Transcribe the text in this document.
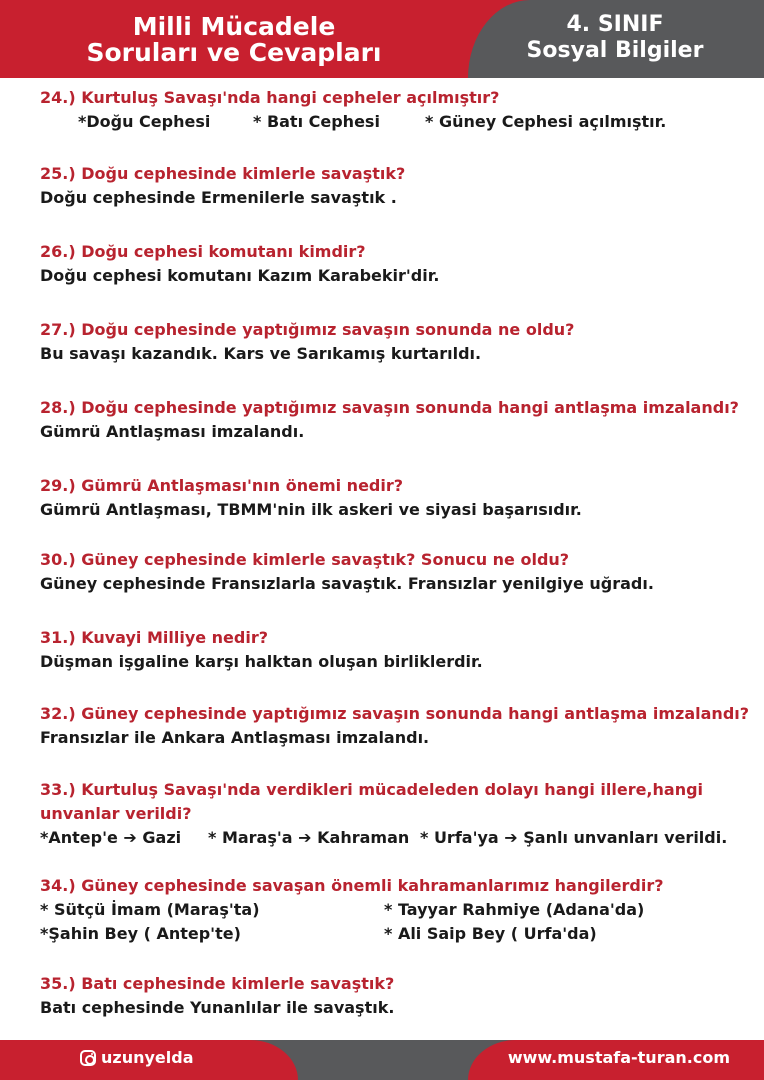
Milli Mücadele
Soruları ve Cevapları
4. SINIF
Sosyal Bilgiler
24.) Kurtuluş Savaşı'nda hangi cepheler açılmıştır?
*Doğu Cephesi	* Batı Cephesi	* Güney Cephesi açılmıştır.
25.) Doğu cephesinde kimlerle savaştık?
Doğu cephesinde Ermenilerle savaştık .
26.) Doğu cephesi komutanı kimdir?
Doğu cephesi komutanı Kazım Karabekir'dir.
27.) Doğu cephesinde yaptığımız savaşın sonunda ne oldu?
Bu savaşı kazandık. Kars ve Sarıkamış kurtarıldı.
28.) Doğu cephesinde yaptığımız savaşın sonunda hangi antlaşma imzalandı?
Gümrü Antlaşması imzalandı.
29.) Gümrü Antlaşması'nın önemi nedir?
Gümrü Antlaşması, TBMM'nin ilk askeri ve siyasi başarısıdır.
30.) Güney cephesinde kimlerle savaştık? Sonucu ne oldu?
Güney cephesinde Fransızlarla savaştık. Fransızlar yenilgiye uğradı.
31.) Kuvayi Milliye nedir?
Düşman işgaline karşı halktan oluşan birliklerdir.
32.) Güney cephesinde yaptığımız savaşın sonunda hangi antlaşma imzalandı?
Fransızlar ile Ankara Antlaşması imzalandı.
33.) Kurtuluş Savaşı'nda verdikleri mücadeleden dolayı hangi illere,hangi unvanlar verildi?
*Antep'e ➔ Gazi * Maraş'a ➔ Kahraman * Urfa'ya ➔ Şanlı unvanları verildi.
34.) Güney cephesinde savaşan önemli kahramanlarımız hangilerdir?
* Sütçü İmam (Maraş'ta)	* Tayyar Rahmiye (Adana'da)
*Şahin Bey ( Antep'te)	* Ali Saip Bey ( Urfa'da)
35.) Batı cephesinde kimlerle savaştık?
Batı cephesinde Yunanlılar ile savaştık.
uzunyelda	www.mustafa-turan.com
